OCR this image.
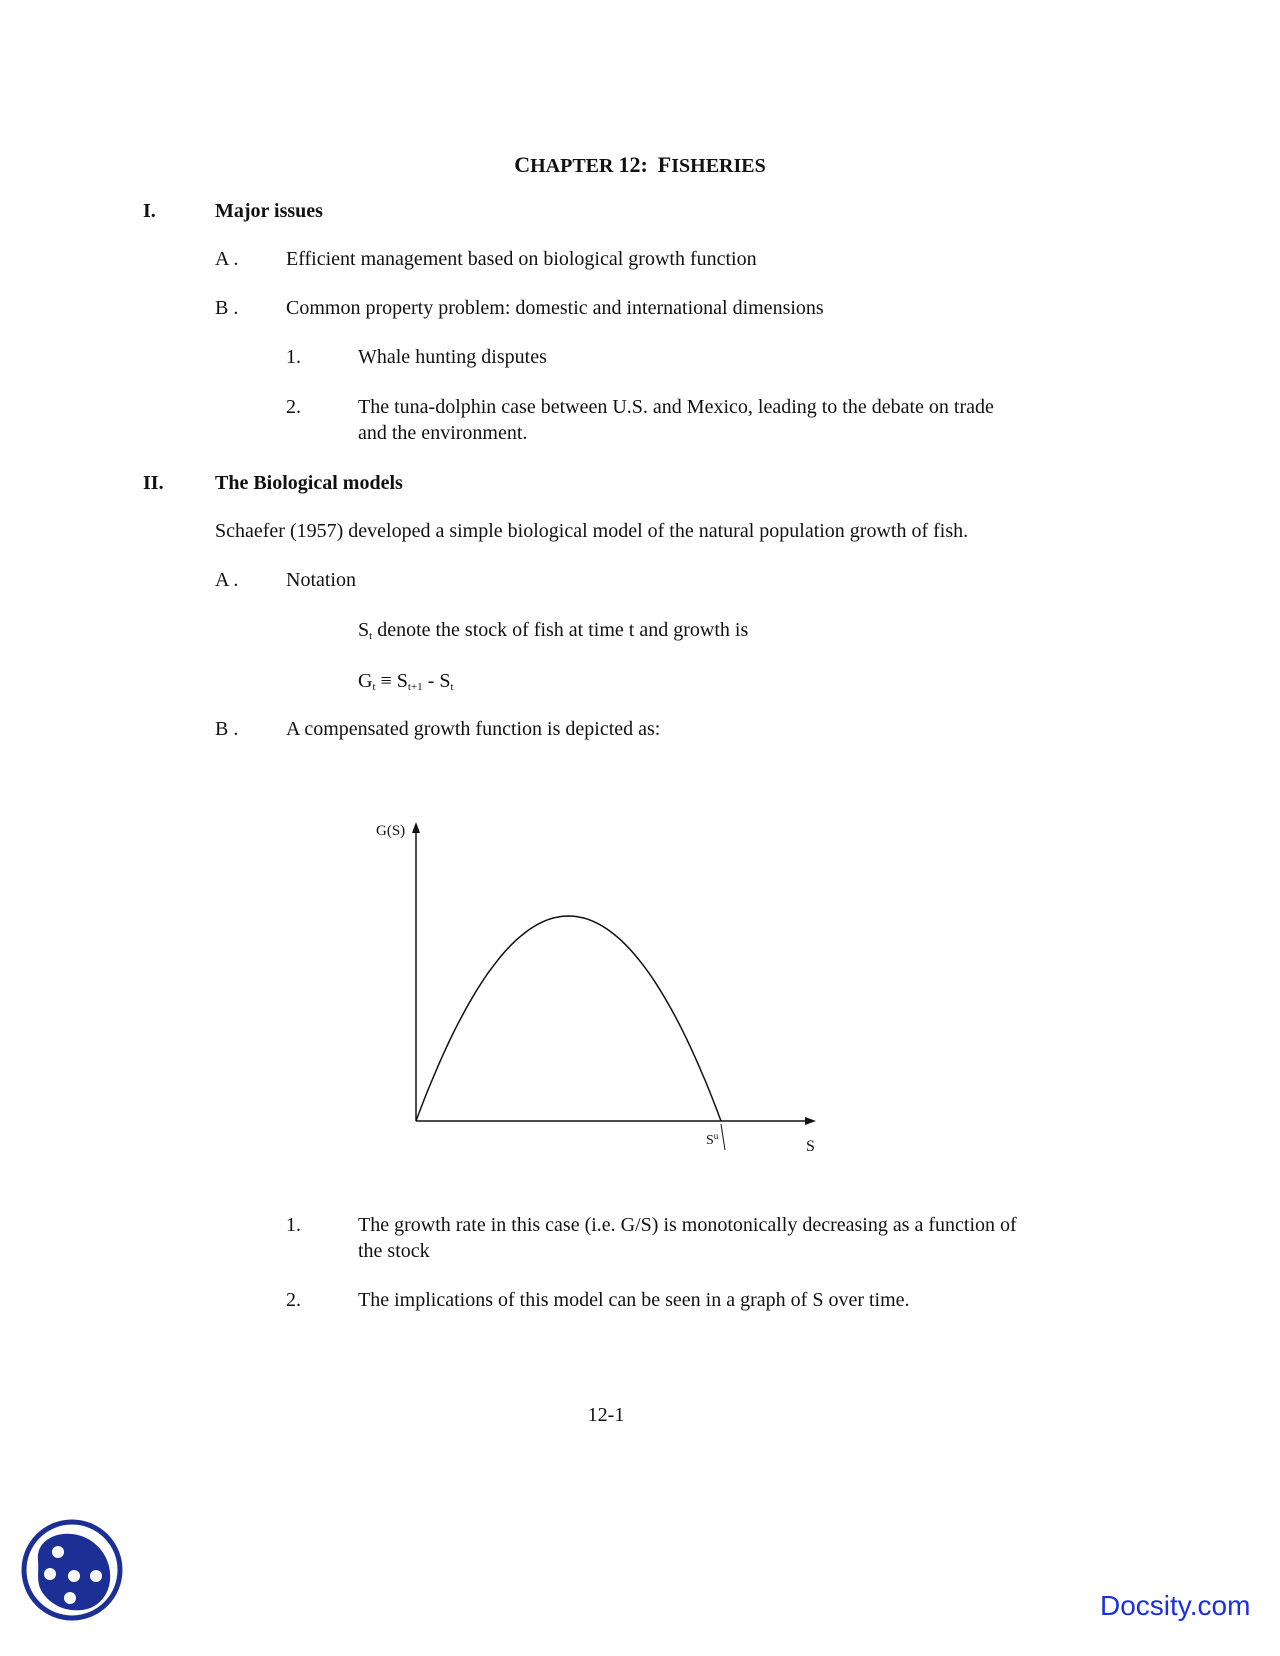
CHAPTER 12: FISHERIES
I.	Major issues
A . Efficient management based on biological growth function
B . Common property problem: domestic and international dimensions
1.	Whale hunting disputes
2.	The tuna-dolphin case between U.S. and Mexico, leading to the debate on trade
and the environment.
II.	The Biological models
Schaefer (1957) developed a simple biological model of the natural population growth of fish.
A . Notation
$S_t$ denote the stock of fish at time t and growth is
$G_t \equiv S_{t+1} - S_t$
B . A compensated growth function is depicted as:
G(S)
S
$S^u$
1.	The growth rate in this case (i.e. G/S) is monotonically decreasing as a function of
the stock
2.	The implications of this model can be seen in a graph of S over time.
12-1
Docsity.com
